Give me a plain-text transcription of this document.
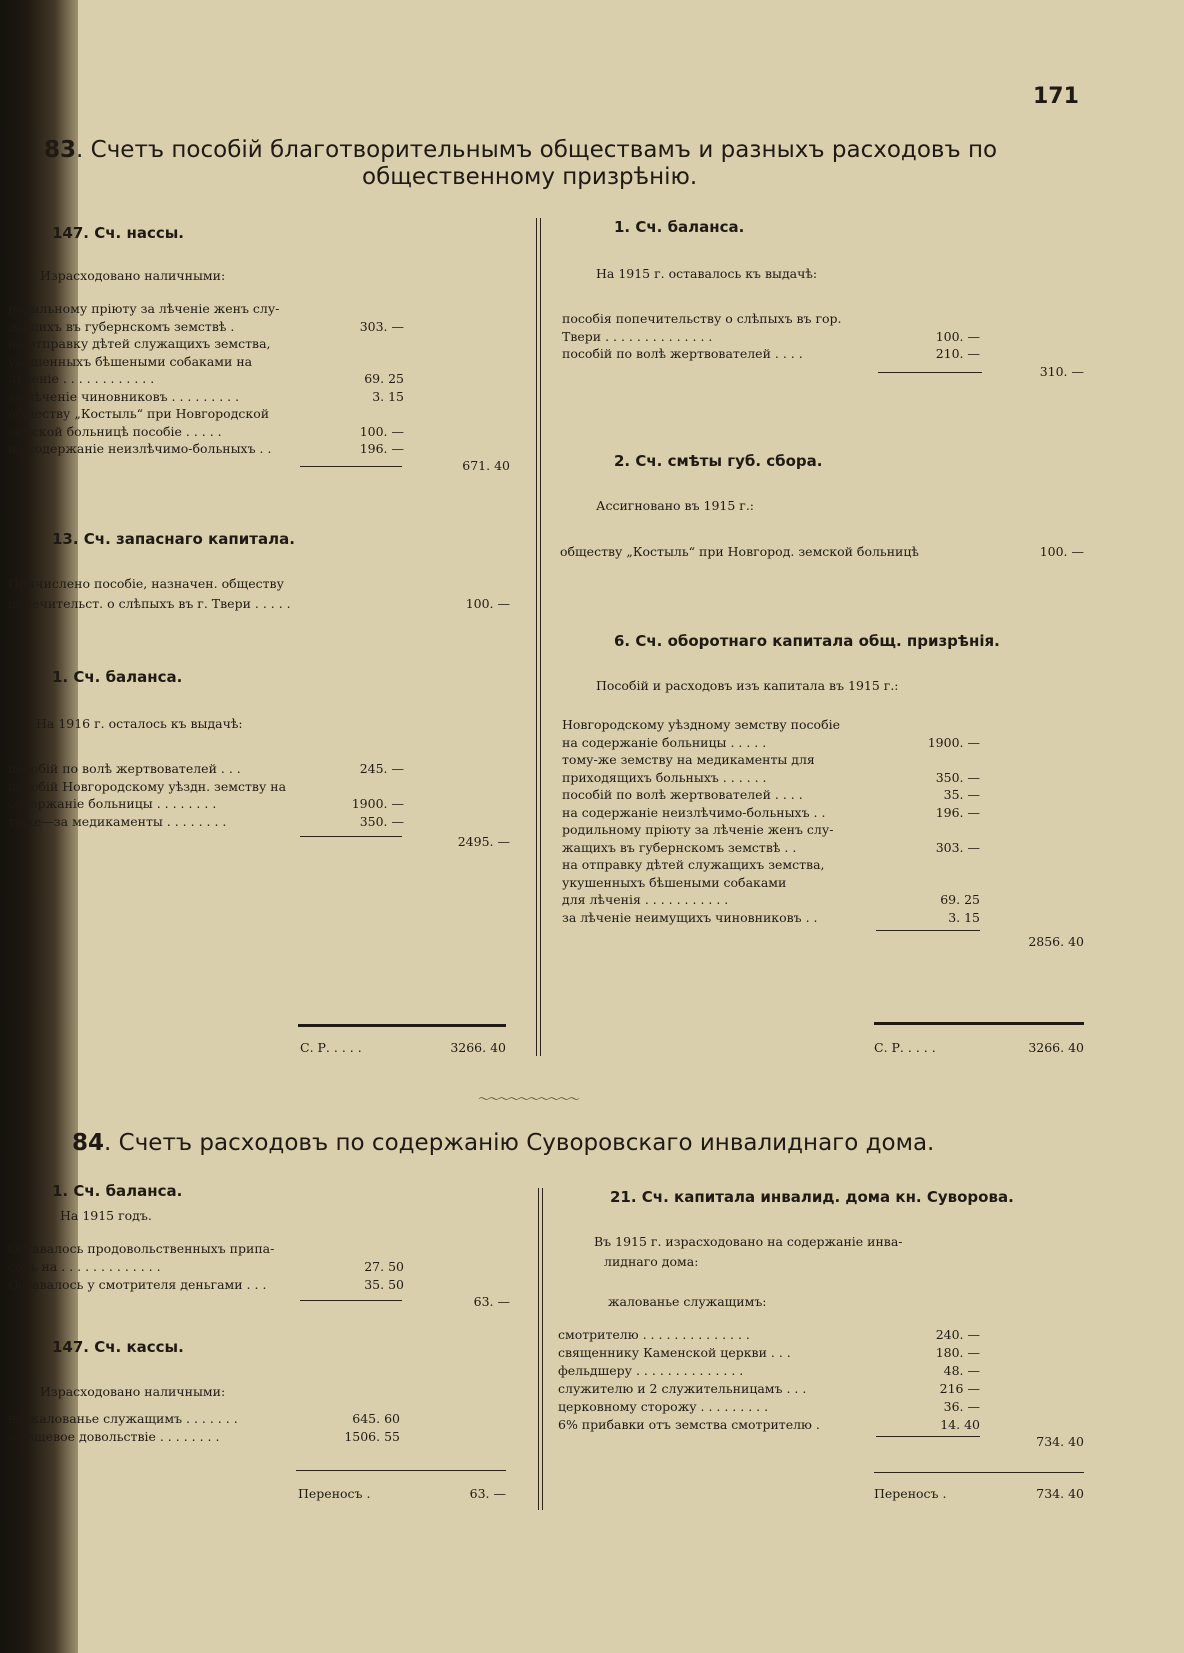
171
83. Счетъ пособій благотворительнымъ обществамъ и разныхъ расходовъ по
общественному призрѣнію.
147. Сч. нассы.
Израсходовано наличными:
родильному пріюту за лѣченіе женъ слу-
жащихъ въ губернскомъ земствѣ .	303. —
на отправку дѣтей служащихъ земства,
укушенныхъ бѣшеными собаками на
лѣченіе . . . . . . . . . . . .	69. 25
за лѣченіе чиновниковъ . . . . . . . . .	3. 15
обществу „Костыль“ при Новгородской
земской больницѣ пособіе . . . . .	100. —
на содержаніе неизлѣчимо-больныхъ . .	196. —
671. 40
13. Сч. запаснаго капитала.
Причислено пособіе, назначен. обществу
попечительст. о слѣпыхъ въ г. Твери . . . . .	100. —
1. Сч. баланса.
На 1916 г. осталось къ выдачѣ:
пособій по волѣ жертвователей . . .	245. —
пособій Новгородскому уѣздн. земству на
содержаніе больницы . . . . . . . .	1900. —
тоже—за медикаменты . . . . . . . .	350. —
2495. —
С. Р. . . . .	3266. 40
1. Сч. баланса.
На 1915 г. оставалось къ выдачѣ:
пособія попечительству о слѣпыхъ въ гор.
Твери . . . . . . . . . . . . . .	100. —
пособій по волѣ жертвователей . . . .	210. —
310. —
2. Сч. смѣты губ. сбора.
Ассигновано въ 1915 г.:
обществу „Костыль“ при Новгород. земской больницѣ	100. —
6. Сч. оборотнаго капитала общ. призрѣнія.
Пособій и расходовъ изъ капитала въ 1915 г.:
Новгородскому уѣздному земству пособіе
на содержаніе больницы . . . . .	1900. —
тому-же земству на медикаменты для
приходящихъ больныхъ . . . . . .	350. —
пособій по волѣ жертвователей . . . .	35. —
на содержаніе неизлѣчимо-больныхъ . .	196. —
родильному пріюту за лѣченіе женъ слу-
жащихъ въ губернскомъ земствѣ . .	303. —
на отправку дѣтей служащихъ земства,
укушенныхъ бѣшеными собаками
для лѣченія . . . . . . . . . . .	69. 25
за лѣченіе неимущихъ чиновниковъ . .	3. 15
2856. 40
С. Р. . . . .	3266. 40
～～～～～～～～～～
84. Счетъ расходовъ по содержанію Суворовскаго инвалиднаго дома.
1. Сч. баланса.
На 1915 годъ.
Оставалось продовольственныхъ припа-
совъ на . . . . . . . . . . . . .	27. 50
Оставалось у смотрителя деньгами . . .	35. 50
63. —
147. Сч. кассы.
Израсходовано наличными:
на жалованье служащимъ . . . . . . .	645. 60
» вещевое довольствіе . . . . . . . .	1506. 55
Переносъ .	63. —
21. Сч. капитала инвалид. дома кн. Суворова.
Въ 1915 г. израсходовано на содержаніе инва-
лиднаго дома:
жалованье служащимъ:
смотрителю . . . . . . . . . . . . . .	240. —
священнику Каменской церкви . . .	180. —
фельдшеру . . . . . . . . . . . . . .	48. —
служителю и 2 служительницамъ . . .	216 —
церковному сторожу . . . . . . . . .	36. —
6% прибавки отъ земства смотрителю .	14. 40
734. 40
Переносъ .	734. 40
